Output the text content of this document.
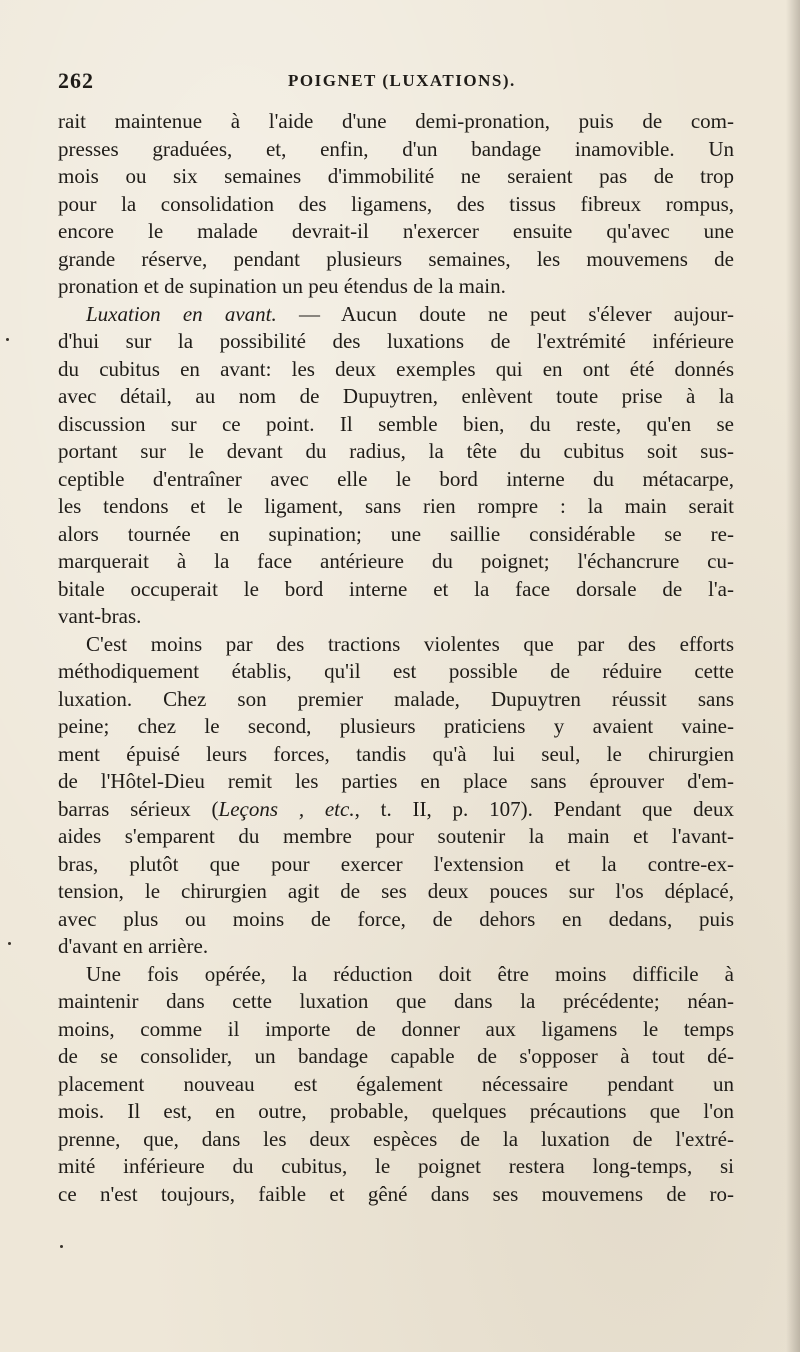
262	POIGNET (LUXATIONS).
rait maintenue à l'aide d'une demi-pronation, puis de com-
presses graduées, et, enfin, d'un bandage inamovible. Un
mois ou six semaines d'immobilité ne seraient pas de trop
pour la consolidation des ligamens, des tissus fibreux rompus,
encore le malade devrait-il n'exercer ensuite qu'avec une
grande réserve, pendant plusieurs semaines, les mouvemens de
pronation et de supination un peu étendus de la main.
Luxation en avant. — Aucun doute ne peut s'élever aujour-
d'hui sur la possibilité des luxations de l'extrémité inférieure
du cubitus en avant: les deux exemples qui en ont été donnés
avec détail, au nom de Dupuytren, enlèvent toute prise à la
discussion sur ce point. Il semble bien, du reste, qu'en se
portant sur le devant du radius, la tête du cubitus soit sus-
ceptible d'entraîner avec elle le bord interne du métacarpe,
les tendons et le ligament, sans rien rompre : la main serait
alors tournée en supination; une saillie considérable se re-
marquerait à la face antérieure du poignet; l'échancrure cu-
bitale occuperait le bord interne et la face dorsale de l'a-
vant-bras.
C'est moins par des tractions violentes que par des efforts
méthodiquement établis, qu'il est possible de réduire cette
luxation. Chez son premier malade, Dupuytren réussit sans
peine; chez le second, plusieurs praticiens y avaient vaine-
ment épuisé leurs forces, tandis qu'à lui seul, le chirurgien
de l'Hôtel-Dieu remit les parties en place sans éprouver d'em-
barras sérieux (Leçons , etc., t. II, p. 107). Pendant que deux
aides s'emparent du membre pour soutenir la main et l'avant-
bras, plutôt que pour exercer l'extension et la contre-ex-
tension, le chirurgien agit de ses deux pouces sur l'os déplacé,
avec plus ou moins de force, de dehors en dedans, puis
d'avant en arrière.
Une fois opérée, la réduction doit être moins difficile à
maintenir dans cette luxation que dans la précédente; néan-
moins, comme il importe de donner aux ligamens le temps
de se consolider, un bandage capable de s'opposer à tout dé-
placement nouveau est également nécessaire pendant un
mois. Il est, en outre, probable, quelques précautions que l'on
prenne, que, dans les deux espèces de la luxation de l'extré-
mité inférieure du cubitus, le poignet restera long-temps, si
ce n'est toujours, faible et gêné dans ses mouvemens de ro-
